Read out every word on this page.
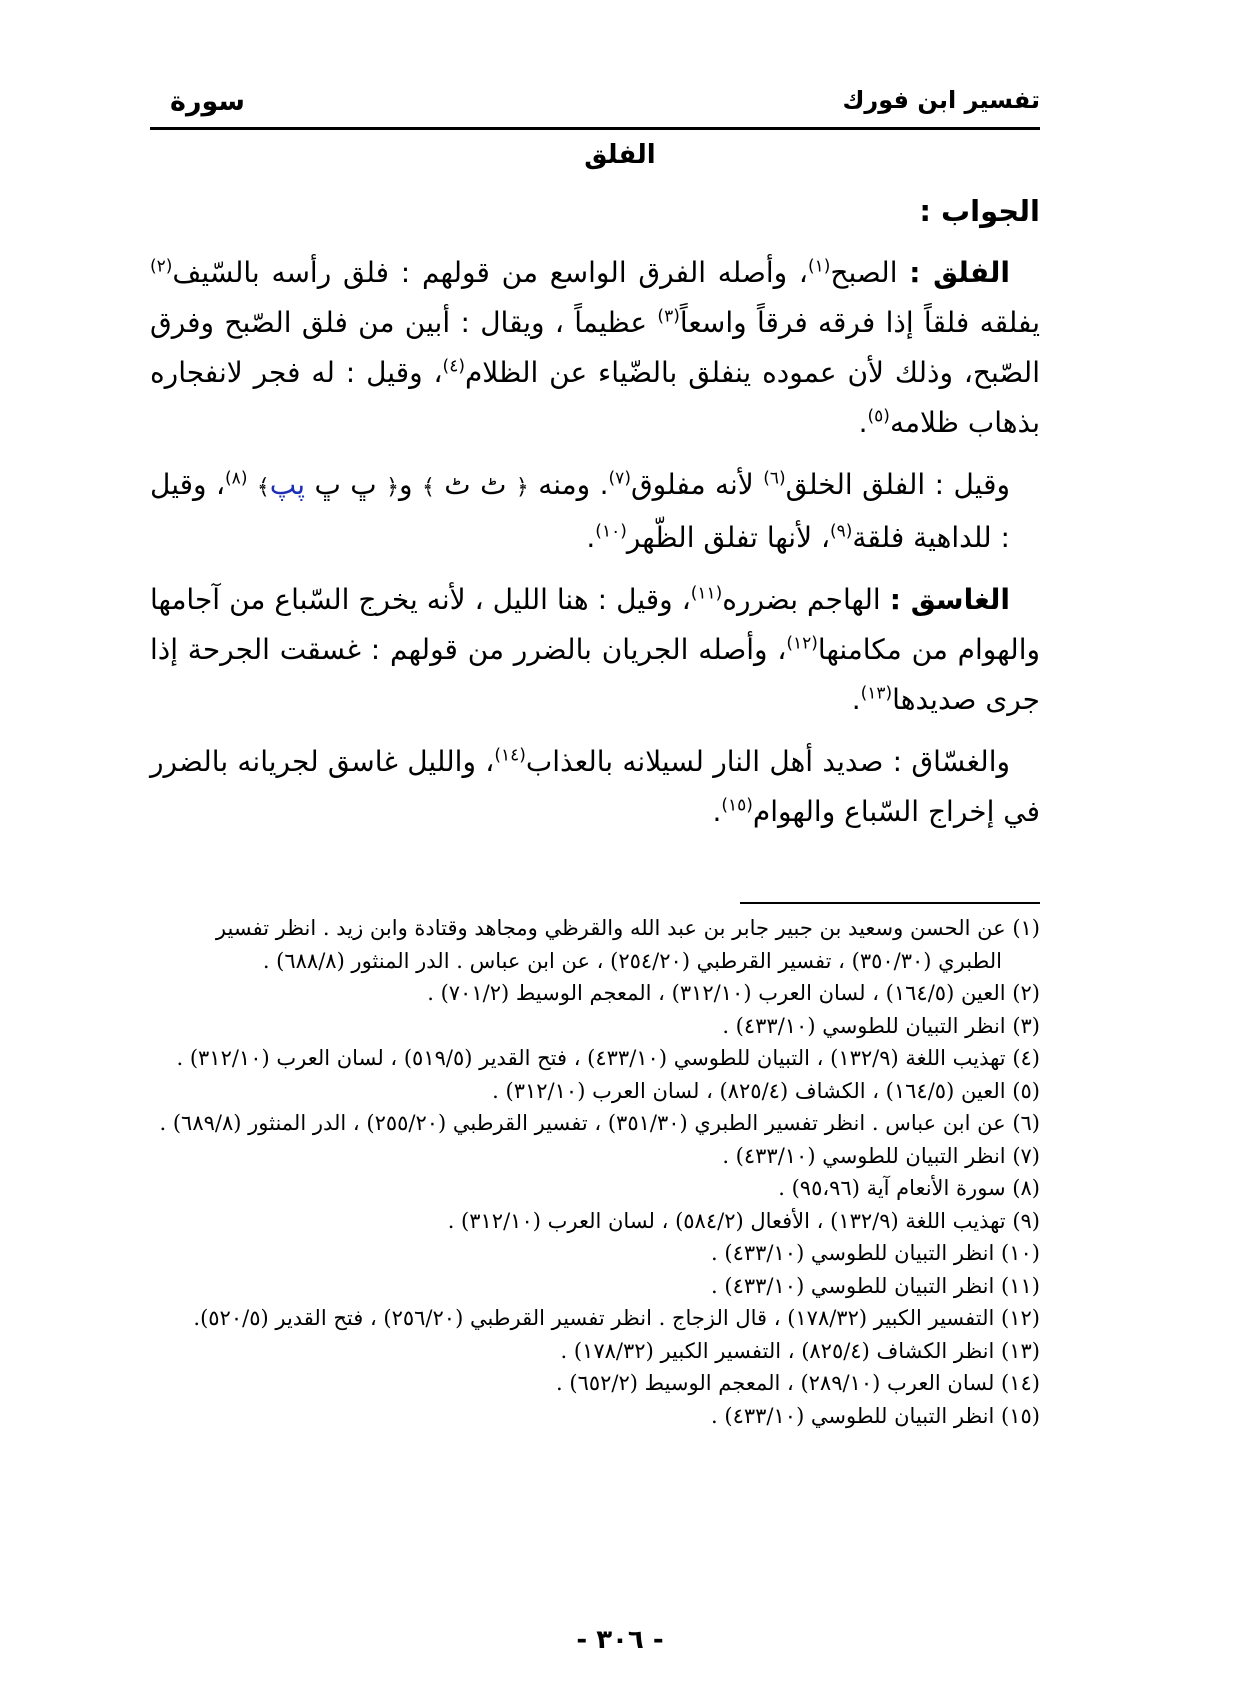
تفسير ابن فورك
سورة
الفلق
الجواب :

الفلق : الصبح$^{(١)}$، وأصله الفرق الواسع من قولهم : فلق رأسه بالسّيف$^{(٢)}$ يفلقه فلقاً إذا فرقه فرقاً واسعاً$^{(٣)}$ عظيماً ، ويقال : أبين من فلق الصّبح وفرق الصّبح، وذلك لأن عموده ينفلق بالضّياء عن الظلام$^{(٤)}$، وقيل : له فجر لانفجاره بذهاب ظلامه$^{(٥)}$.

وقيل : الفلق الخلق$^{(٦)}$ لأنه مفلوق$^{(٧)}$. ومنه ﴿ ٹ ٹ ﴾ و﴿ ڀ ڀ پپ﴾ $^{(٨)}$، وقيل : للداهية فلقة$^{(٩)}$، لأنها تفلق الظّهر$^{(١٠)}$.

الغاسق : الهاجم بضرره$^{(١١)}$، وقيل : هنا الليل ، لأنه يخرج السّباع من آجامها والهوام من مكامنها$^{(١٢)}$، وأصله الجريان بالضرر من قولهم : غسقت الجرحة إذا جرى صديدها$^{(١٣)}$.

والغسّاق : صديد أهل النار لسيلانه بالعذاب$^{(١٤)}$، والليل غاسق لجريانه بالضرر في إخراج السّباع والهوام$^{(١٥)}$.

(١) عن الحسن وسعيد بن جبير جابر بن عبد الله والقرظي ومجاهد وقتادة وابن زيد . انظر تفسير الطبري (٣٥٠/٣٠) ، تفسير القرطبي (٢٥٤/٢٠) ، عن ابن عباس . الدر المنثور (٦٨٨/٨) .
(٢) العين (١٦٤/٥) ، لسان العرب (٣١٢/١٠) ، المعجم الوسيط (٧٠١/٢) .
(٣) انظر التبيان للطوسي (٤٣٣/١٠) .
(٤) تهذيب اللغة (١٣٢/٩) ، التبيان للطوسي (٤٣٣/١٠) ، فتح القدير (٥١٩/٥) ، لسان العرب (٣١٢/١٠) .
(٥) العين (١٦٤/٥) ، الكشاف (٨٢٥/٤) ، لسان العرب (٣١٢/١٠) .
(٦) عن ابن عباس . انظر تفسير الطبري (٣٥١/٣٠) ، تفسير القرطبي (٢٥٥/٢٠) ، الدر المنثور (٦٨٩/٨) .
(٧) انظر التبيان للطوسي (٤٣٣/١٠) .
(٨) سورة الأنعام آية (٩٥،٩٦) .
(٩) تهذيب اللغة (١٣٢/٩) ، الأفعال (٥٨٤/٢) ، لسان العرب (٣١٢/١٠) .
(١٠) انظر التبيان للطوسي (٤٣٣/١٠) .
(١١) انظر التبيان للطوسي (٤٣٣/١٠) .
(١٢) التفسير الكبير (١٧٨/٣٢) ، قال الزجاج . انظر تفسير القرطبي (٢٥٦/٢٠) ، فتح القدير (٥٢٠/٥).
(١٣) انظر الكشاف (٨٢٥/٤) ، التفسير الكبير (١٧٨/٣٢) .
(١٤) لسان العرب (٢٨٩/١٠) ، المعجم الوسيط (٦٥٢/٢) .
(١٥) انظر التبيان للطوسي (٤٣٣/١٠) .
- ٣٠٦ -
